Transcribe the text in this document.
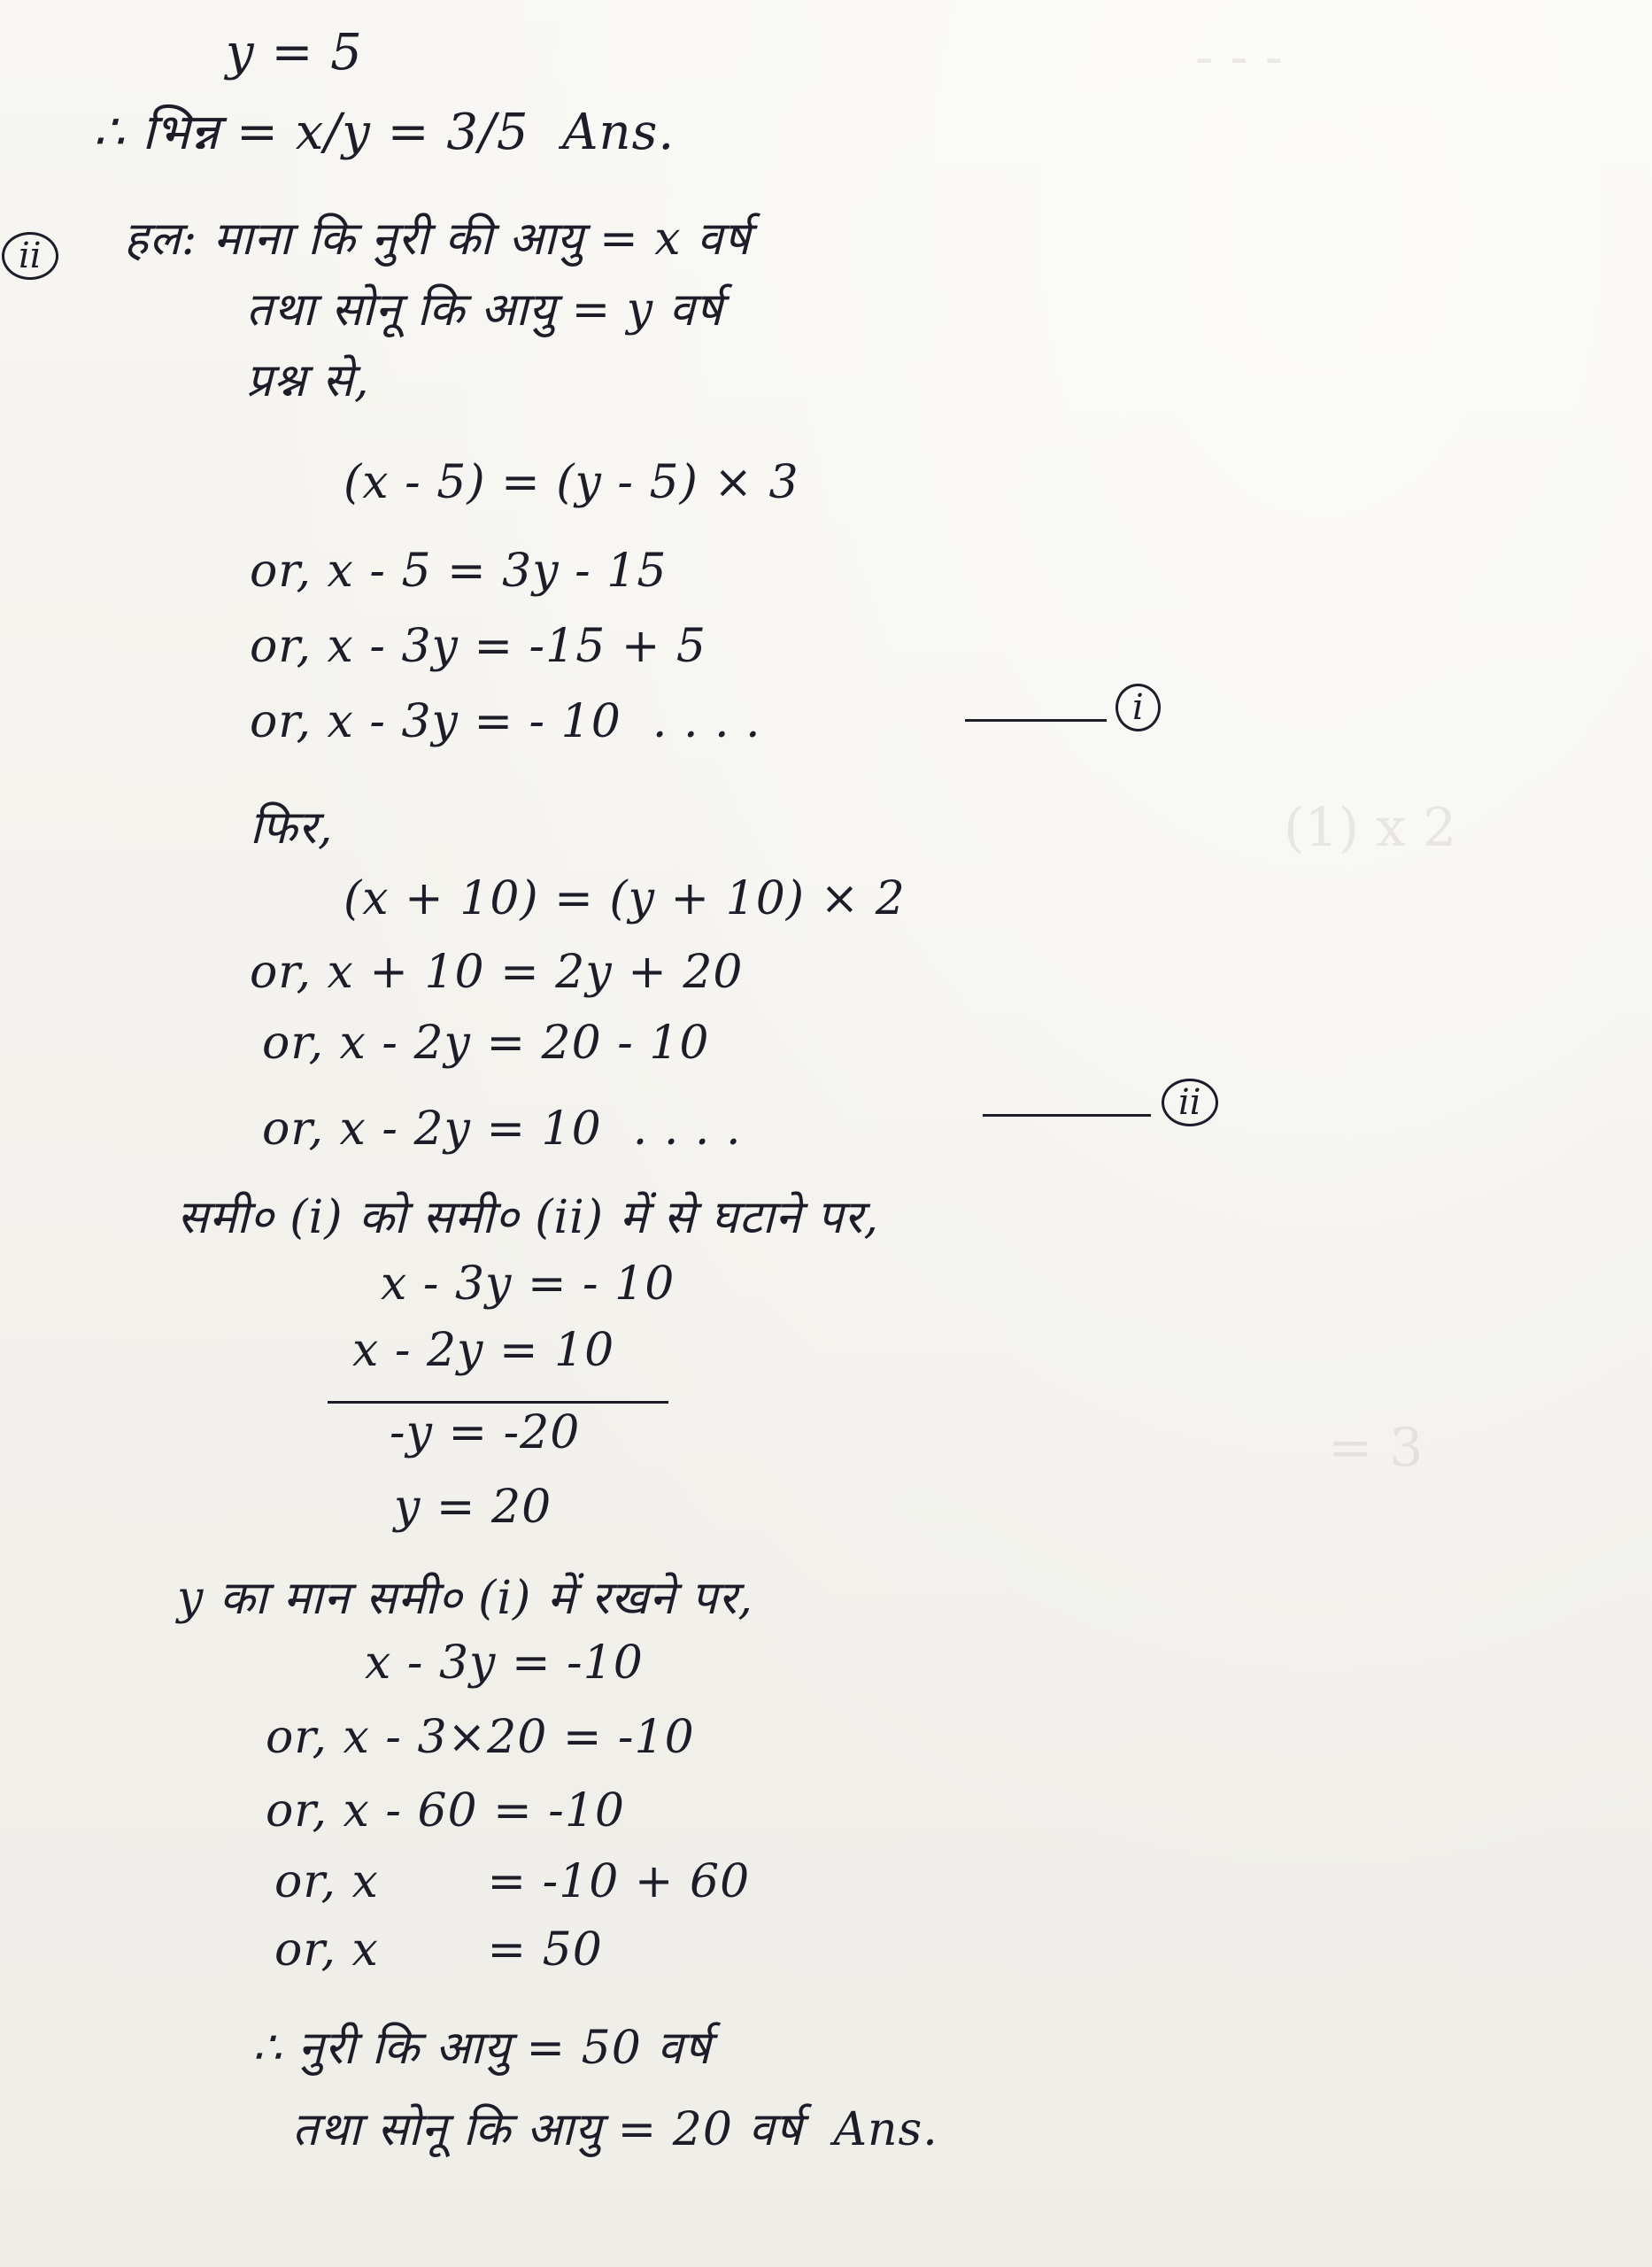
- - -
(1) x 2
= 3
y = 5
∴ भिन्न = x/y = 3/5  Ans.
ii	हल: माना कि नुरी की आयु = x वर्ष
तथा सोनू कि आयु = y वर्ष
प्रश्न से,
(x - 5) = (y - 5) × 3
or, x - 5 = 3y - 15
or, x - 3y = -15 + 5
or, x - 3y = - 10  . . . .	i
फिर,
(x + 10) = (y + 10) × 2
or, x + 10 = 2y + 20
or, x - 2y = 20 - 10
or, x - 2y = 10  . . . .	ii
समी० (i) को समी० (ii) में से घटाने पर,
x - 3y = - 10
x - 2y = 10
-y = -20
y = 20
y का मान समी० (i) में रखने पर,
x - 3y = -10
or, x - 3×20 = -10
or, x - 60 = -10
or, x       = -10 + 60
or, x       = 50
∴ नुरी कि आयु = 50 वर्ष
तथा सोनू कि आयु = 20 वर्ष  Ans.
